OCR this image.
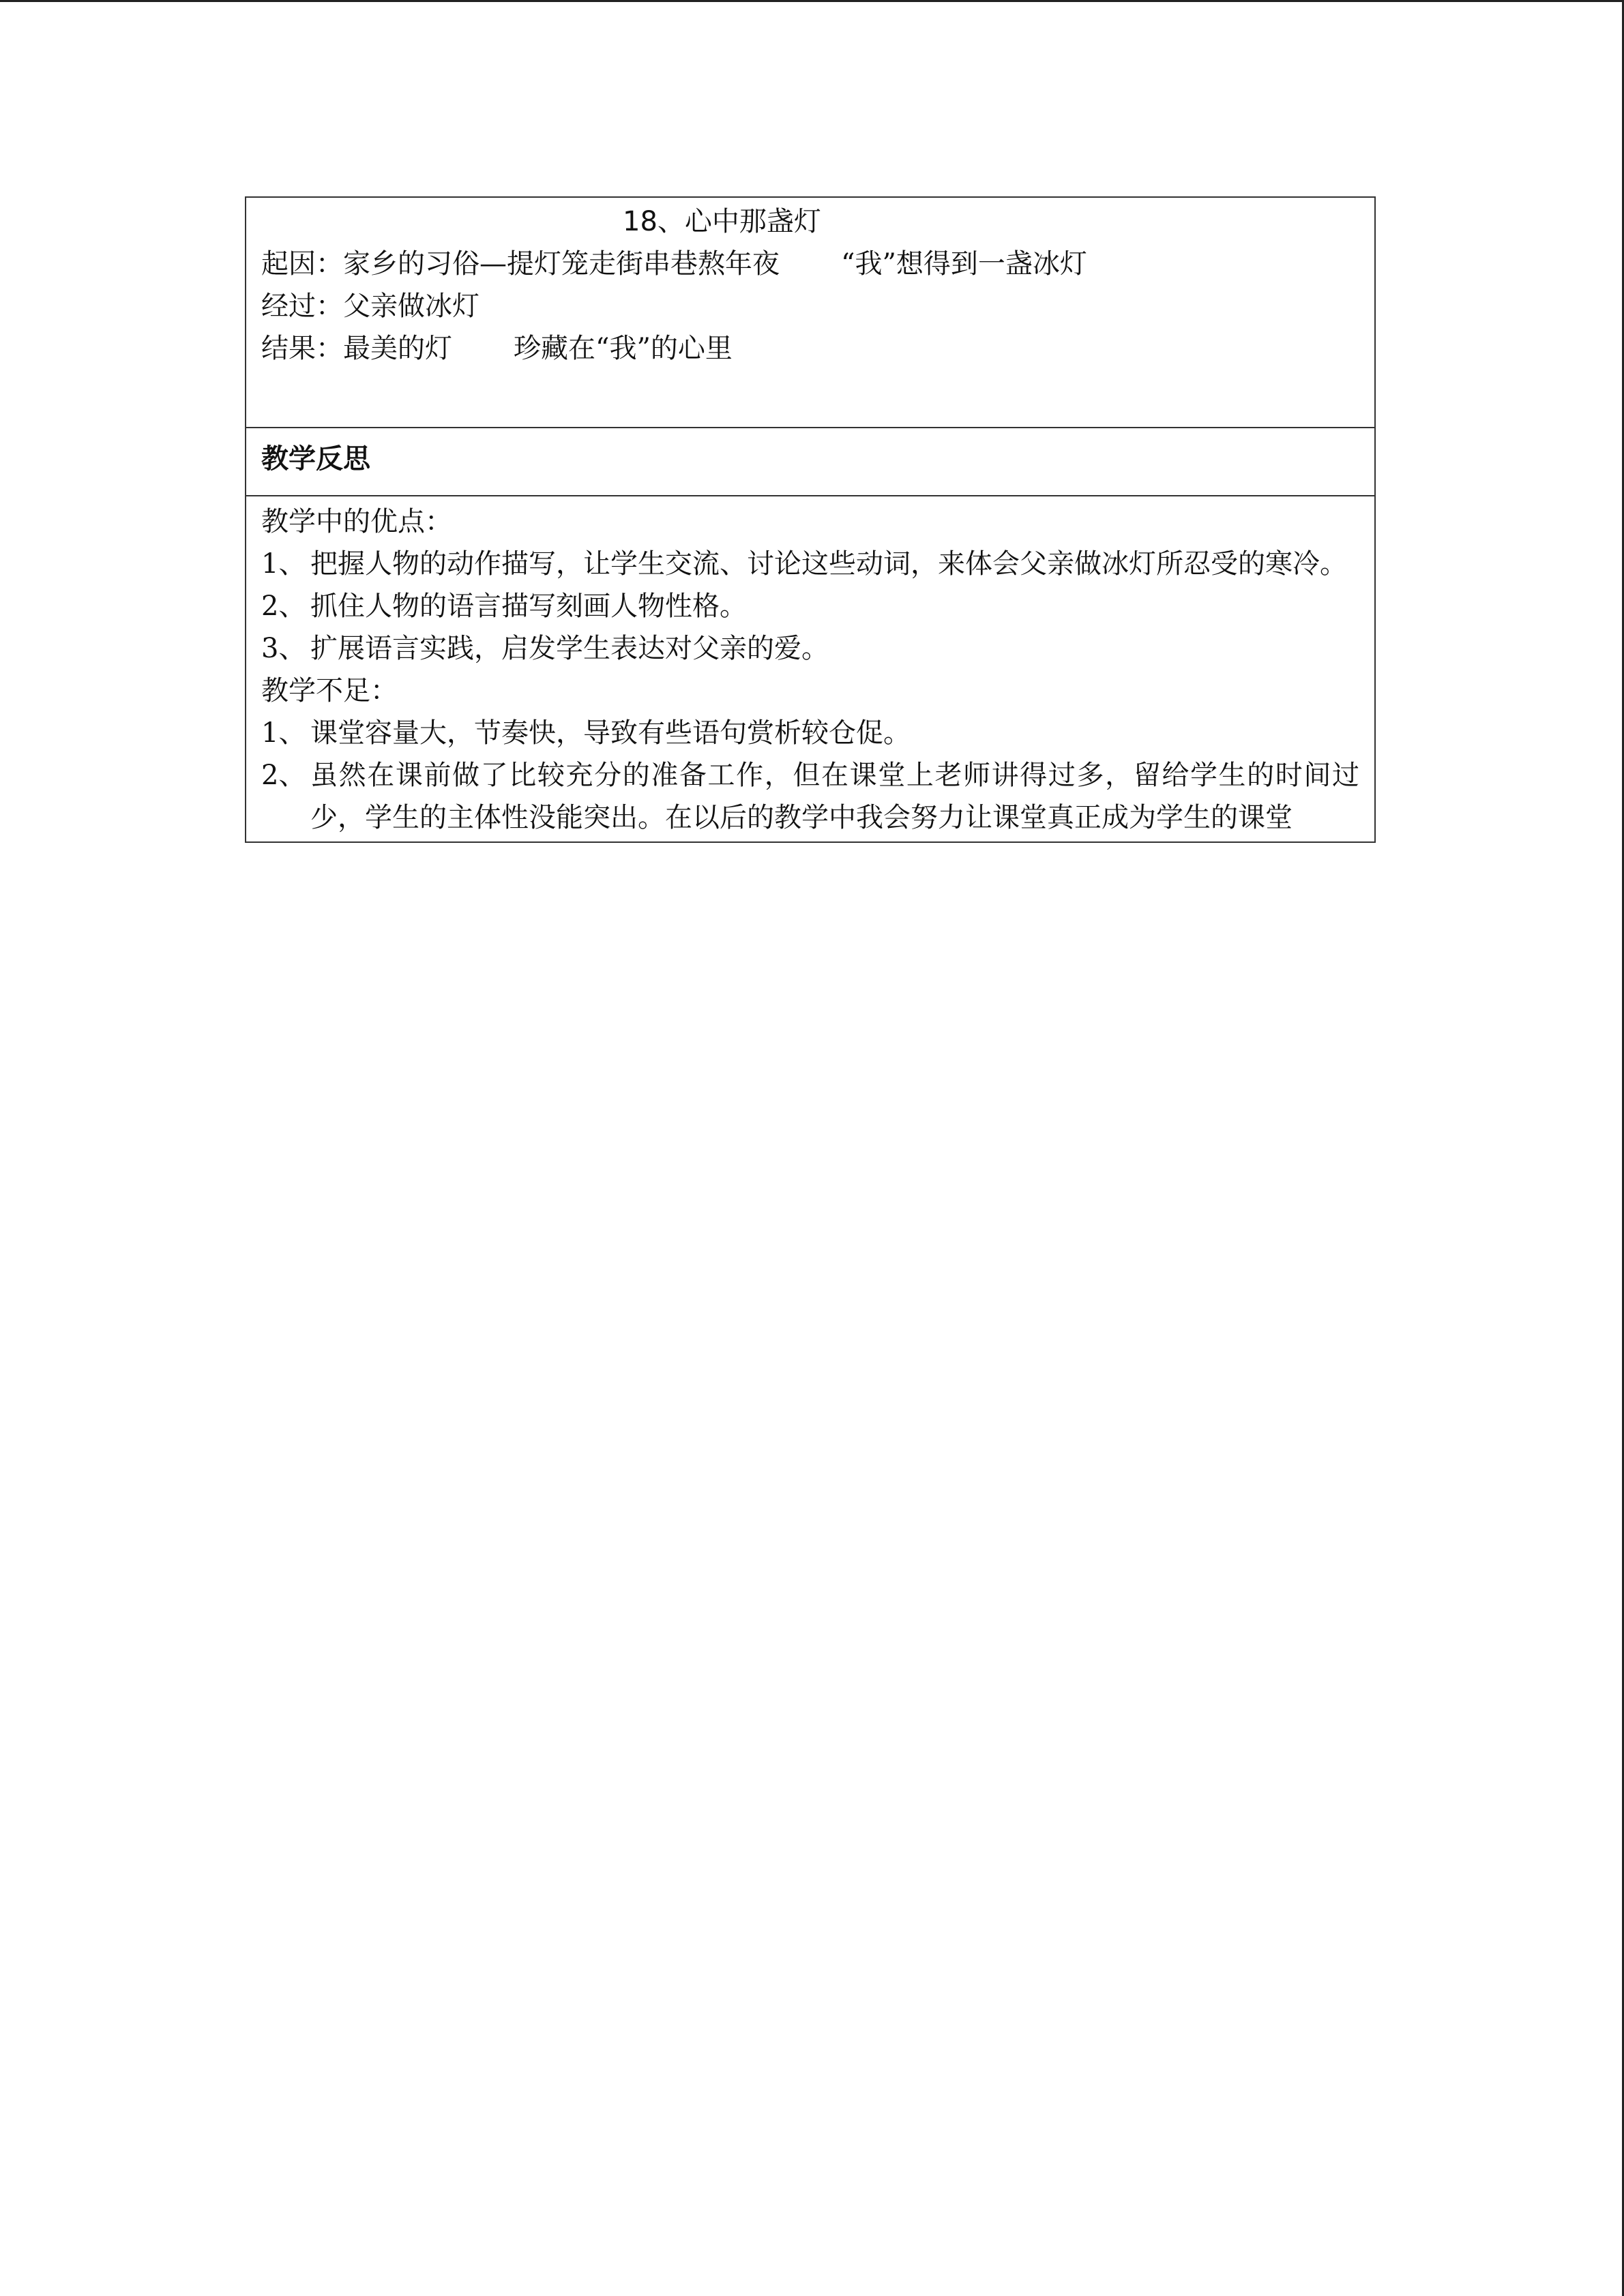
18、心中那盏灯
起因：家乡的习俗—提灯笼走街串巷熬年夜 “我”想得到一盏冰灯
经过：父亲做冰灯
结果：最美的灯 珍藏在“我”的心里
教学反思
教学中的优点：
1、 把握人物的动作描写，让学生交流、讨论这些动词，来体会父亲做冰灯所忍受的寒冷。
2、 抓住人物的语言描写刻画人物性格。
3、 扩展语言实践，启发学生表达对父亲的爱。
教学不足：
1、 课堂容量大，节奏快，导致有些语句赏析较仓促。
2、 虽然在课前做了比较充分的准备工作，但在课堂上老师讲得过多，留给学生的时间过少，学生的主体性没能突出。在以后的教学中我会努力让课堂真正成为学生的课堂
